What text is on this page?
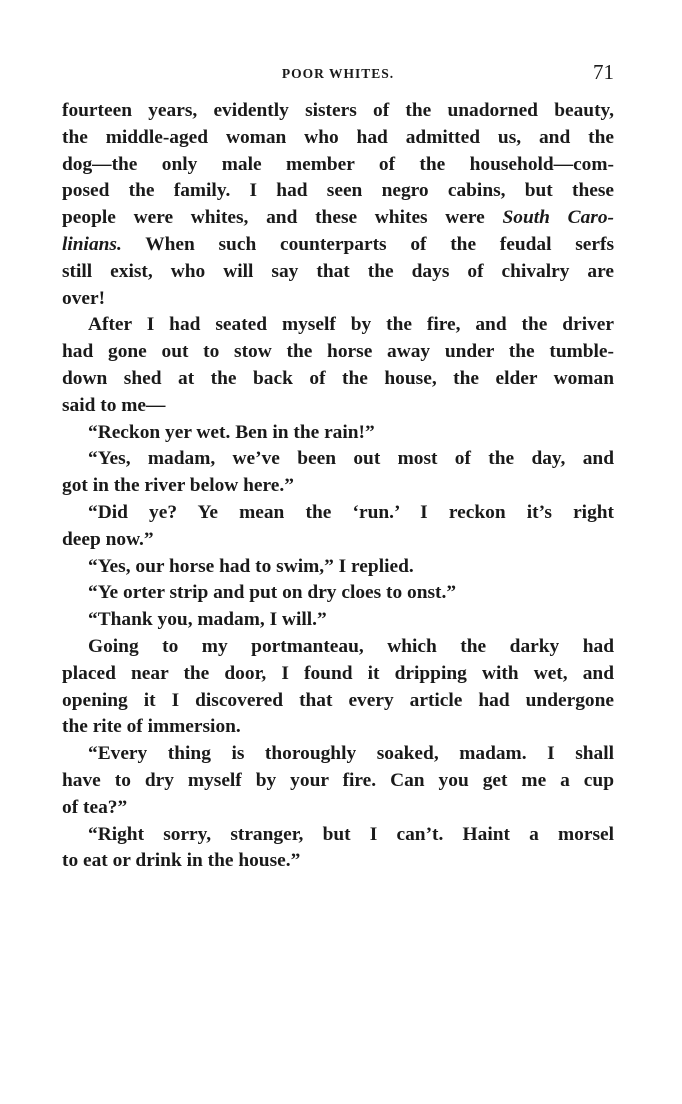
POOR WHITES.	71
fourteen years, evidently sisters of the unadorned beauty,
the middle-aged woman who had admitted us, and the
dog—the only male member of the household—com-
posed the family. I had seen negro cabins, but these
people were whites, and these whites were South Caro-
linians. When such counterparts of the feudal serfs
still exist, who will say that the days of chivalry are
over!
After I had seated myself by the fire, and the driver
had gone out to stow the horse away under the tumble-
down shed at the back of the house, the elder woman
said to me—
“Reckon yer wet. Ben in the rain!”
“Yes, madam, we’ve been out most of the day, and
got in the river below here.”
“Did ye? Ye mean the ‘run.’ I reckon it’s right
deep now.”
“Yes, our horse had to swim,” I replied.
“Ye orter strip and put on dry cloes to onst.”
“Thank you, madam, I will.”
Going to my portmanteau, which the darky had
placed near the door, I found it dripping with wet, and
opening it I discovered that every article had undergone
the rite of immersion.
“Every thing is thoroughly soaked, madam. I shall
have to dry myself by your fire. Can you get me a cup
of tea?”
“Right sorry, stranger, but I can’t. Haint a morsel
to eat or drink in the house.”
